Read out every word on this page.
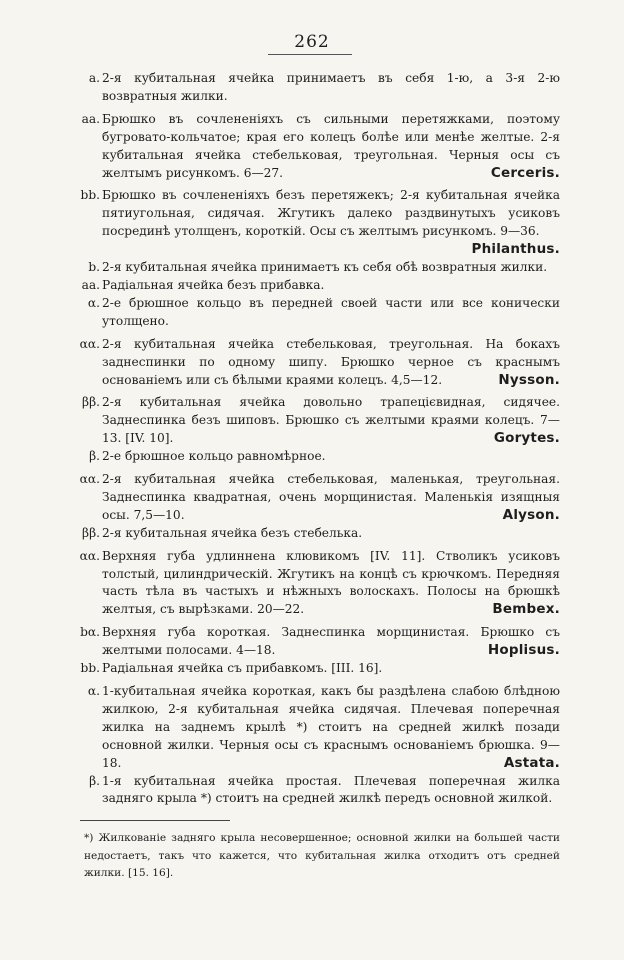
262
a. 2-я кубитальная ячейка принимаетъ въ себя 1-ю, а 3-я 2-ю возвратныя жилки.
аа. Брюшко въ сочлененіяхъ съ сильными перетяжками, поэтому бугровато-кольчатое; края его колецъ болѣе или менѣе желтые. 2-я кубитальная ячейка стебельковая, треугольная. Черныя осы съ желтымъ рисункомъ. 6—27.	Cerceris.
bb. Брюшко въ сочлененіяхъ безъ перетяжекъ; 2-я кубитальная ячейка пятиугольная, сидячая. Жгутикъ далеко раздвинутыхъ усиковъ посрединѣ утолщенъ, короткій. Осы съ желтымъ рисункомъ. 9—36.
Philanthus.
b. 2-я кубитальная ячейка принимаетъ къ себя обѣ возвратныя жилки.
аа. Радіальная ячейка безъ прибавка.
α. 2-е брюшное кольцо въ передней своей части или все конически утолщено.
αα. 2-я кубитальная ячейка стебельковая, треугольная. На бокахъ заднеспинки по одному шипу. Брюшко черное съ краснымъ основаніемъ или съ бѣлыми краями колецъ. 4,5—12.	Nysson.
ββ. 2-я кубитальная ячейка довольно трапецієвидная, сидячее. Заднеспинка безъ шиповъ. Брюшко съ желтыми краями колецъ. 7—13. [IV. 10].	Gorytes.
β. 2-е брюшное кольцо равномѣрное.
αα. 2-я кубитальная ячейка стебельковая, маленькая, треугольная. Заднеспинка квадратная, очень морщинистая. Маленькія изящныя осы. 7,5—10.	Alyson.
ββ. 2-я кубитальная ячейка безъ стебелька.
αα. Верхняя губа удлиннена клювикомъ [IV. 11]. Стволикъ усиковъ толстый, цилиндрическій. Жгутикъ на концѣ съ крючкомъ. Передняя часть тѣла въ частыхъ и нѣжныхъ волоскахъ. Полосы на брюшкѣ желтыя, съ вырѣзками. 20—22.	Bembex.
bα. Верхняя губа короткая. Заднеспинка морщинистая. Брюшко съ желтыми полосами. 4—18.	Hoplisus.
bb. Радіальная ячейка съ прибавкомъ. [III. 16].
α. 1-кубитальная ячейка короткая, какъ бы раздѣлена слабою блѣдною жилкою, 2-я кубитальная ячейка сидячая. Плечевая поперечная жилка на заднемъ крылѣ *) стоитъ на средней жилкѣ позади основной жилки. Черныя осы съ краснымъ основаніемъ брюшка. 9—18.	Astata.
β. 1-я кубитальная ячейка простая. Плечевая поперечная жилка задняго крыла *) стоитъ на средней жилкѣ передъ основной жилкой.
*) Жилкованіе задняго крыла несовершенное; основной жилки на большей части недостаетъ, такъ что кажется, что кубитальная жилка отходитъ отъ средней жилки. [15. 16].
